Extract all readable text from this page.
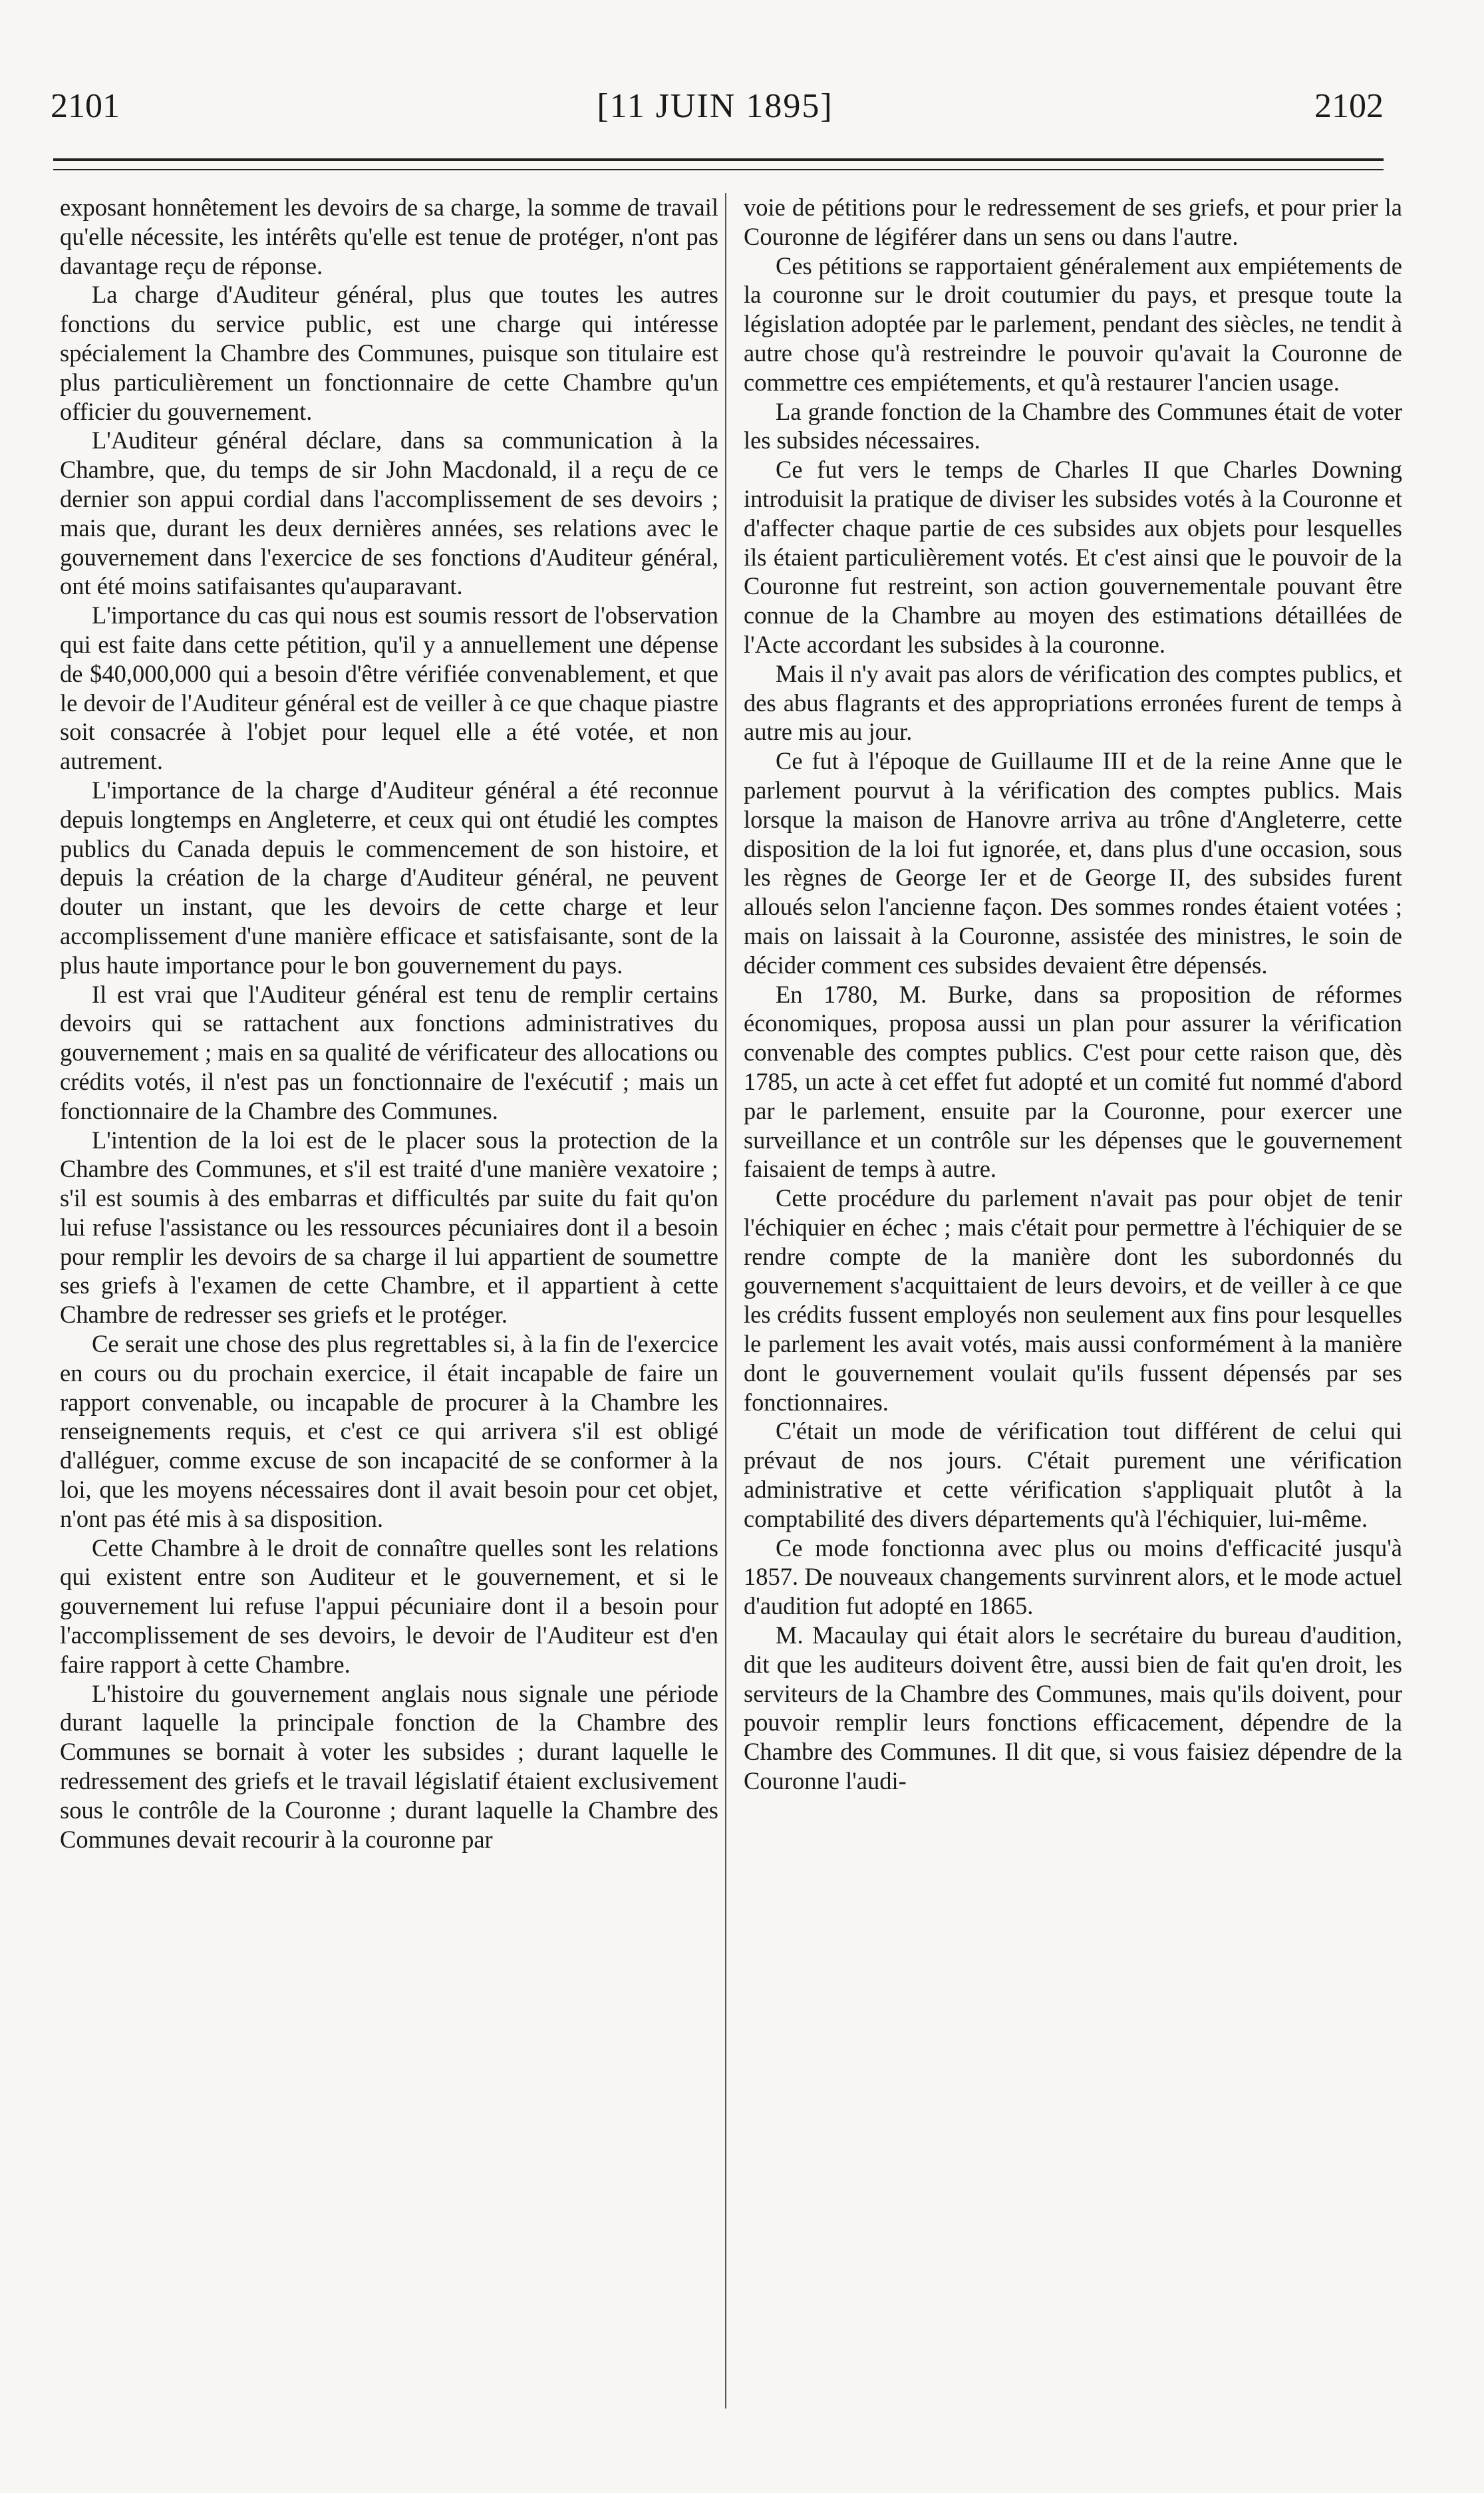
2101	[11 JUIN 1895]	2102

exposant honnêtement les devoirs de sa charge, la somme de travail qu'elle nécessite, les intérêts qu'elle est tenue de protéger, n'ont pas davantage reçu de réponse.

La charge d'Auditeur général, plus que toutes les autres fonctions du service public, est une charge qui intéresse spécialement la Chambre des Communes, puisque son titulaire est plus particulièrement un fonctionnaire de cette Chambre qu'un officier du gouvernement.

L'Auditeur général déclare, dans sa communication à la Chambre, que, du temps de sir John Macdonald, il a reçu de ce dernier son appui cordial dans l'accomplissement de ses devoirs ; mais que, durant les deux dernières années, ses relations avec le gouvernement dans l'exercice de ses fonctions d'Auditeur général, ont été moins satifaisantes qu'auparavant.

L'importance du cas qui nous est soumis ressort de l'observation qui est faite dans cette pétition, qu'il y a annuellement une dépense de $40,000,000 qui a besoin d'être vérifiée convenablement, et que le devoir de l'Auditeur général est de veiller à ce que chaque piastre soit consacrée à l'objet pour lequel elle a été votée, et non autrement.

L'importance de la charge d'Auditeur général a été reconnue depuis longtemps en Angleterre, et ceux qui ont étudié les comptes publics du Canada depuis le commencement de son histoire, et depuis la création de la charge d'Auditeur général, ne peuvent douter un instant, que les devoirs de cette charge et leur accomplissement d'une manière efficace et satisfaisante, sont de la plus haute importance pour le bon gouvernement du pays.

Il est vrai que l'Auditeur général est tenu de remplir certains devoirs qui se rattachent aux fonctions administratives du gouvernement ; mais en sa qualité de vérificateur des allocations ou crédits votés, il n'est pas un fonctionnaire de l'exécutif ; mais un fonctionnaire de la Chambre des Communes.

L'intention de la loi est de le placer sous la protection de la Chambre des Communes, et s'il est traité d'une manière vexatoire ; s'il est soumis à des embarras et difficultés par suite du fait qu'on lui refuse l'assistance ou les ressources pécuniaires dont il a besoin pour remplir les devoirs de sa charge il lui appartient de soumettre ses griefs à l'examen de cette Chambre, et il appartient à cette Chambre de redresser ses griefs et le protéger.

Ce serait une chose des plus regrettables si, à la fin de l'exercice en cours ou du prochain exercice, il était incapable de faire un rapport convenable, ou incapable de procurer à la Chambre les renseignements requis, et c'est ce qui arrivera s'il est obligé d'alléguer, comme excuse de son incapacité de se conformer à la loi, que les moyens nécessaires dont il avait besoin pour cet objet, n'ont pas été mis à sa disposition.

Cette Chambre à le droit de connaître quelles sont les relations qui existent entre son Auditeur et le gouvernement, et si le gouvernement lui refuse l'appui pécuniaire dont il a besoin pour l'accomplissement de ses devoirs, le devoir de l'Auditeur est d'en faire rapport à cette Chambre.

L'histoire du gouvernement anglais nous signale une période durant laquelle la principale fonction de la Chambre des Communes se bornait à voter les subsides ; durant laquelle le redressement des griefs et le travail législatif étaient exclusivement sous le contrôle de la Couronne ; durant laquelle la Chambre des Communes devait recourir à la couronne par

voie de pétitions pour le redressement de ses griefs, et pour prier la Couronne de légiférer dans un sens ou dans l'autre.

Ces pétitions se rapportaient généralement aux empiétements de la couronne sur le droit coutumier du pays, et presque toute la législation adoptée par le parlement, pendant des siècles, ne tendit à autre chose qu'à restreindre le pouvoir qu'avait la Couronne de commettre ces empiétements, et qu'à restaurer l'ancien usage.

La grande fonction de la Chambre des Communes était de voter les subsides nécessaires.

Ce fut vers le temps de Charles II que Charles Downing introduisit la pratique de diviser les subsides votés à la Couronne et d'affecter chaque partie de ces subsides aux objets pour lesquelles ils étaient particulièrement votés. Et c'est ainsi que le pouvoir de la Couronne fut restreint, son action gouvernementale pouvant être connue de la Chambre au moyen des estimations détaillées de l'Acte accordant les subsides à la couronne.

Mais il n'y avait pas alors de vérification des comptes publics, et des abus flagrants et des appropriations erronées furent de temps à autre mis au jour.

Ce fut à l'époque de Guillaume III et de la reine Anne que le parlement pourvut à la vérification des comptes publics. Mais lorsque la maison de Hanovre arriva au trône d'Angleterre, cette disposition de la loi fut ignorée, et, dans plus d'une occasion, sous les règnes de George Ier et de George II, des subsides furent alloués selon l'ancienne façon. Des sommes rondes étaient votées ; mais on laissait à la Couronne, assistée des ministres, le soin de décider comment ces subsides devaient être dépensés.

En 1780, M. Burke, dans sa proposition de réformes économiques, proposa aussi un plan pour assurer la vérification convenable des comptes publics. C'est pour cette raison que, dès 1785, un acte à cet effet fut adopté et un comité fut nommé d'abord par le parlement, ensuite par la Couronne, pour exercer une surveillance et un contrôle sur les dépenses que le gouvernement faisaient de temps à autre.

Cette procédure du parlement n'avait pas pour objet de tenir l'échiquier en échec ; mais c'était pour permettre à l'échiquier de se rendre compte de la manière dont les subordonnés du gouvernement s'acquittaient de leurs devoirs, et de veiller à ce que les crédits fussent employés non seulement aux fins pour lesquelles le parlement les avait votés, mais aussi conformément à la manière dont le gouvernement voulait qu'ils fussent dépensés par ses fonctionnaires.

C'était un mode de vérification tout différent de celui qui prévaut de nos jours. C'était purement une vérification administrative et cette vérification s'appliquait plutôt à la comptabilité des divers départements qu'à l'échiquier, lui-même.

Ce mode fonctionna avec plus ou moins d'efficacité jusqu'à 1857. De nouveaux changements survinrent alors, et le mode actuel d'audition fut adopté en 1865.

M. Macaulay qui était alors le secrétaire du bureau d'audition, dit que les auditeurs doivent être, aussi bien de fait qu'en droit, les serviteurs de la Chambre des Communes, mais qu'ils doivent, pour pouvoir remplir leurs fonctions efficacement, dépendre de la Chambre des Communes. Il dit que, si vous faisiez dépendre de la Couronne l'audi-
